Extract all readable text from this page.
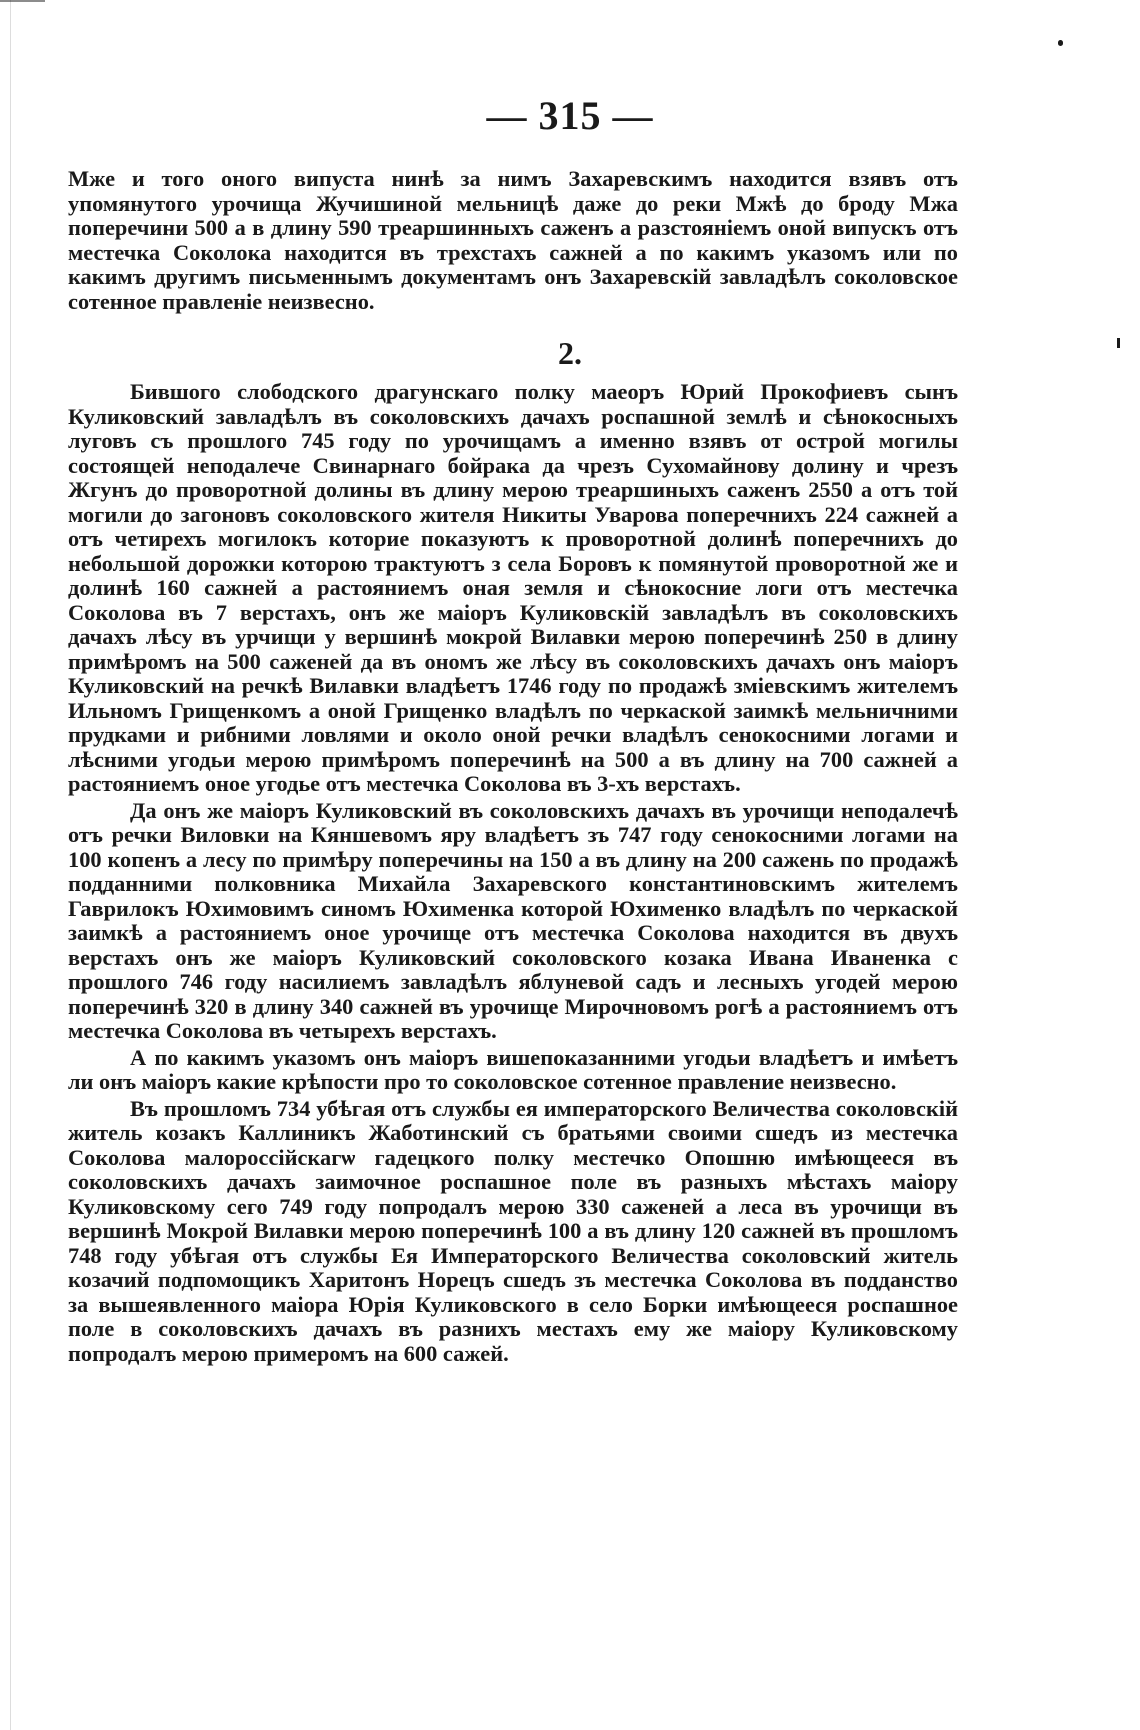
— 315 —

Мже и того оного випуста нинѣ за нимъ Захаревскимъ находится взявъ отъ упомянутого урочища Жучишиной мельницѣ даже до реки Мжѣ до броду Мжа поперечини 500 а в длину 590 треаршинныхъ саженъ а разстояніемъ оной випускъ отъ местечка Соколока находится въ трехстахъ сажней а по какимъ указомъ или по какимъ другимъ письменнымъ документамъ онъ Захаревскій завладѣлъ соколовское сотенное правленіе неизвесно.

2.

Бившого слободского драгунскаго полку маеоръ Юрий Прокофиевъ сынъ Куликовский завладѣлъ въ соколовскихъ дачахъ роспашной землѣ и сѣнокосныхъ луговъ съ прошлого 745 году по урочищамъ а именно взявъ от острой могилы состоящей неподалече Свинарнаго бойрака да чрезъ Сухомайнову долину и чрезъ Жгунъ до проворотной долины въ длину мерою треаршиныхъ саженъ 2550 а отъ той могили до загоновъ соколовского жителя Никиты Уварова поперечнихъ 224 сажней а отъ четирехъ могилокъ которие показуютъ к проворотной долинѣ поперечнихъ до небольшой дорожки которою трактуютъ з села Боровъ к помянутой проворотной же и долинѣ 160 сажней а растояниемъ оная земля и сѣнокосние логи отъ местечка Соколова въ 7 верстахъ, онъ же маіоръ Куликовскій завладѣлъ въ соколовскихъ дачахъ лѣсу въ урчищи у вершинѣ мокрой Вилавки мерою поперечинѣ 250 в длину примѣромъ на 500 саженей да въ ономъ же лѣсу въ соколовскихъ дачахъ онъ маіоръ Куликовский на речкѣ Вилавки владѣетъ 1746 году по продажѣ зміевскимъ жителемъ Ильномъ Грищенкомъ а оной Грищенко владѣлъ по черкаской заимкѣ мельничними прудками и рибними ловлями и около оной речки владѣлъ сенокосними логами и лѣсними угодьи мерою примѣромъ поперечинѣ на 500 а въ длину на 700 сажней а растояниемъ оное угодье отъ местечка Соколова въ 3-хъ верстахъ.

Да онъ же маіоръ Куликовский въ соколовскихъ дачахъ въ урочищи неподалечѣ отъ речки Виловки на Кяншевомъ яру владѣетъ зъ 747 году сенокосними логами на 100 копенъ а лесу по примѣру поперечины на 150 а въ длину на 200 сажень по продажѣ подданними полковника Михайла Захаревского константиновскимъ жителемъ Гаврилокъ Юхимовимъ синомъ Юхименка которой Юхименко владѣлъ по черкаской заимкѣ а растояниемъ оное урочище отъ местечка Соколова находится въ двухъ верстахъ онъ же маіоръ Куликовский соколовского козака Ивана Иваненка с прошлого 746 году насилиемъ завладѣлъ яблуневой садъ и лесныхъ угодей мерою поперечинѣ 320 в длину 340 сажней въ урочище Мирочновомъ рогѣ а растояниемъ отъ местечка Соколова въ четырехъ верстахъ.

А по какимъ указомъ онъ маіоръ вишепоказанними угодьи владѣетъ и имѣетъ ли онъ маіоръ какие крѣпости про то соколовское сотенное правление неизвесно.

Въ прошломъ 734 убѣгая отъ службы ея императорского Величества соколовскій житель козакъ Каллиникъ Жаботинский съ братьями своими сшедъ из местечка Соколова малороссійскагѡ гадецкого полку местечко Опошню имѣющееся въ соколовскихъ дачахъ заимочное роспашное поле въ разныхъ мѣстахъ маіору Куликовскому сего 749 году попродалъ мерою 330 саженей а леса въ урочищи въ вершинѣ Мокрой Вилавки мерою поперечинѣ 100 а въ длину 120 сажней въ прошломъ 748 году убѣгая отъ службы Ея Императорского Величества соколовский житель козачий подпомощикъ Харитонъ Норецъ сшедъ зъ местечка Соколова въ подданство за вышеявленного маіора Юрія Куликовского в село Борки имѣющееся роспашное поле в соколовскихъ дачахъ въ разнихъ местахъ ему же маіору Куликовскому попродалъ мерою примеромъ на 600 сажей.
